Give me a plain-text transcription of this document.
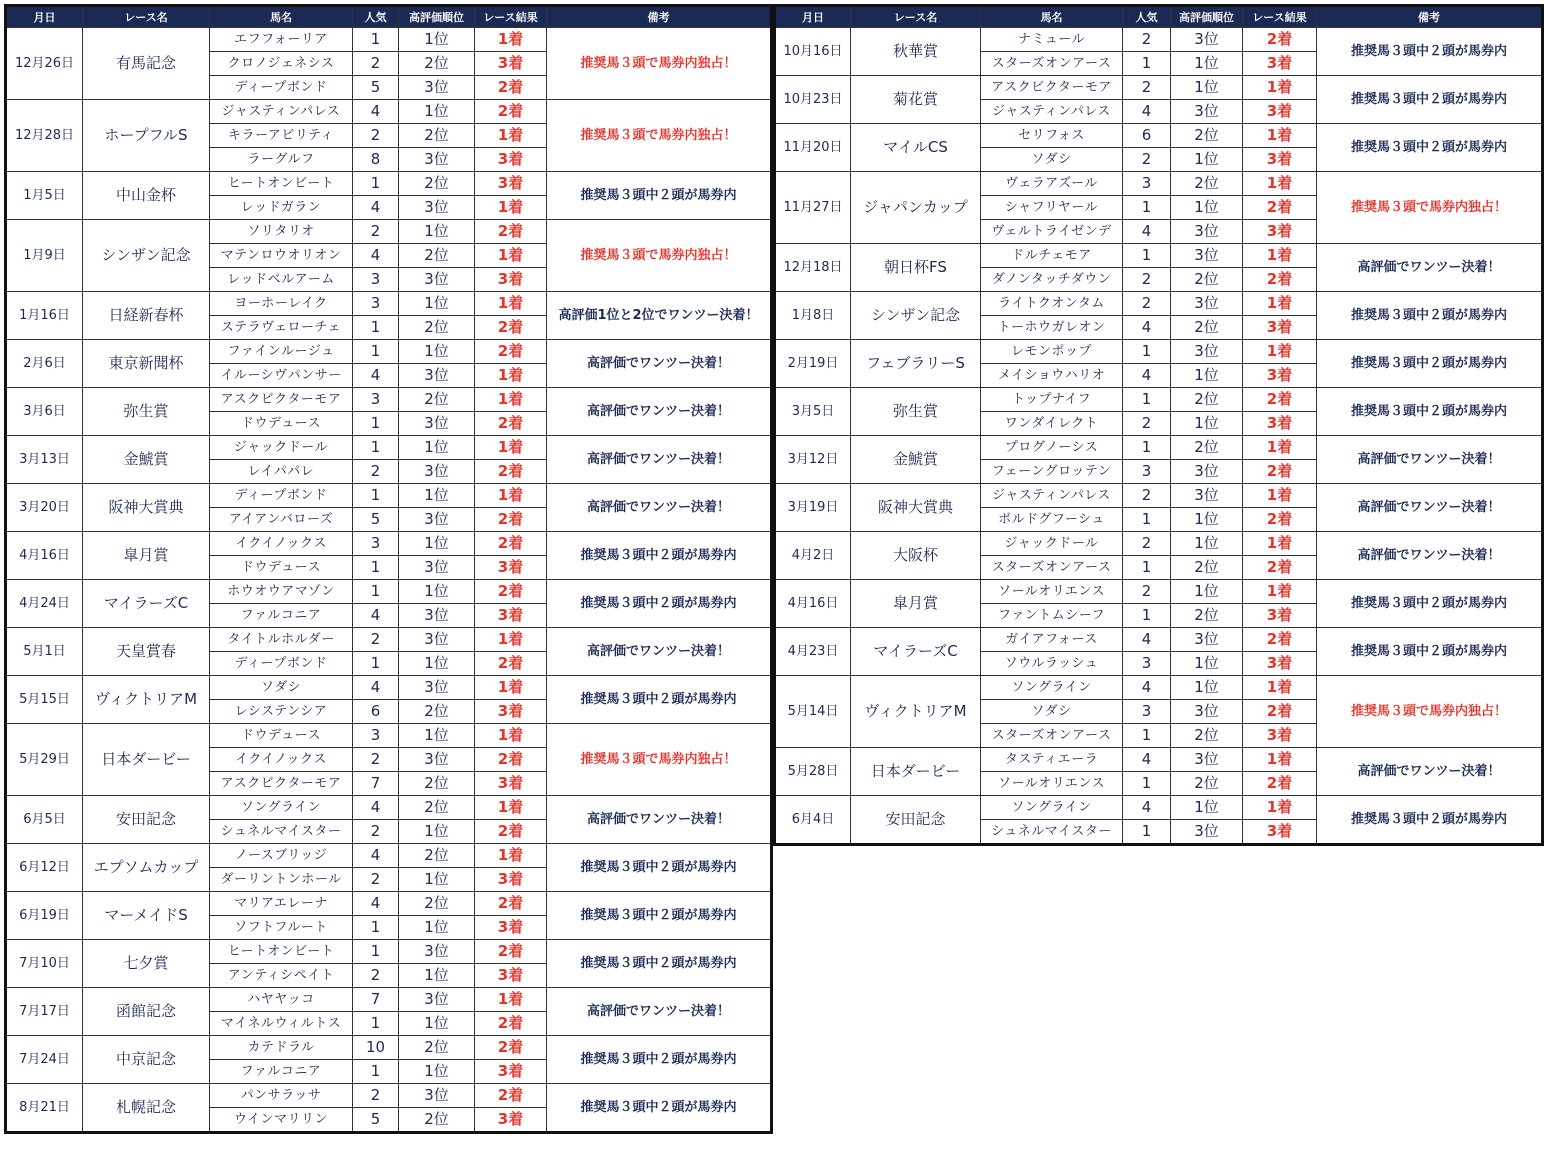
月日	レース名	馬名	人気	高評価順位	レース結果	備考
12月26日	有馬記念	エフフォーリア	1	1位	1着	推奨馬３頭で馬券内独占！
		クロノジェネシス	2	2位	3着	
		ディープボンド	5	3位	2着	
12月28日	ホープフルS	ジャスティンパレス	4	1位	2着	推奨馬３頭で馬券内独占！
		キラーアビリティ	2	2位	1着	
		ラーグルフ	8	3位	3着	
1月5日	中山金杯	ヒートオンビート	1	2位	3着	推奨馬３頭中２頭が馬券内
		レッドガラン	4	3位	1着	
1月9日	シンザン記念	ソリタリオ	2	1位	2着	推奨馬３頭で馬券内独占！
		マテンロウオリオン	4	2位	1着	
		レッドベルアーム	3	3位	3着	
1月16日	日経新春杯	ヨーホーレイク	3	1位	1着	高評価1位と2位でワンツー決着！
		ステラヴェローチェ	1	2位	2着	
2月6日	東京新聞杯	ファインルージュ	1	1位	2着	高評価でワンツー決着！
		イルーシヴパンサー	4	3位	1着	
3月6日	弥生賞	アスクビクターモア	3	2位	1着	高評価でワンツー決着！
		ドウデュース	1	3位	2着	
3月13日	金鯱賞	ジャックドール	1	1位	1着	高評価でワンツー決着！
		レイパパレ	2	3位	2着	
3月20日	阪神大賞典	ディープボンド	1	1位	1着	高評価でワンツー決着！
		アイアンバローズ	5	3位	2着	
4月16日	皐月賞	イクイノックス	3	1位	2着	推奨馬３頭中２頭が馬券内
		ドウデュース	1	3位	3着	
4月24日	マイラーズC	ホウオウアマゾン	1	1位	2着	推奨馬３頭中２頭が馬券内
		ファルコニア	4	3位	3着	
5月1日	天皇賞春	タイトルホルダー	2	3位	1着	高評価でワンツー決着！
		ディープボンド	1	1位	2着	
5月15日	ヴィクトリアM	ソダシ	4	3位	1着	推奨馬３頭中２頭が馬券内
		レシステンシア	6	2位	3着	
5月29日	日本ダービー	ドウデュース	3	1位	1着	推奨馬３頭で馬券内独占！
		イクイノックス	2	3位	2着	
		アスクビクターモア	7	2位	3着	
6月5日	安田記念	ソングライン	4	2位	1着	高評価でワンツー決着！
		シュネルマイスター	2	1位	2着	
6月12日	エプソムカップ	ノースブリッジ	4	2位	1着	推奨馬３頭中２頭が馬券内
		ダーリントンホール	2	1位	3着	
6月19日	マーメイドS	マリアエレーナ	4	2位	2着	推奨馬３頭中２頭が馬券内
		ソフトフルート	1	1位	3着	
7月10日	七夕賞	ヒートオンビート	1	3位	2着	推奨馬３頭中２頭が馬券内
		アンティシペイト	2	1位	3着	
7月17日	函館記念	ハヤヤッコ	7	3位	1着	高評価でワンツー決着！
		マイネルウィルトス	1	1位	2着	
7月24日	中京記念	カテドラル	10	2位	2着	推奨馬３頭中２頭が馬券内
		ファルコニア	1	1位	3着	
8月21日	札幌記念	パンサラッサ	2	3位	2着	推奨馬３頭中２頭が馬券内
		ウインマリリン	5	2位	3着	
月日	レース名	馬名	人気	高評価順位	レース結果	備考
10月16日	秋華賞	ナミュール	2	3位	2着	推奨馬３頭中２頭が馬券内
		スターズオンアース	1	1位	3着	
10月23日	菊花賞	アスクビクターモア	2	1位	1着	推奨馬３頭中２頭が馬券内
		ジャスティンパレス	4	3位	3着	
11月20日	マイルCS	セリフォス	6	2位	1着	推奨馬３頭中２頭が馬券内
		ソダシ	2	1位	3着	
11月27日	ジャパンカップ	ヴェラアズール	3	2位	1着	推奨馬３頭で馬券内独占！
		シャフリヤール	1	1位	2着	
		ヴェルトライゼンデ	4	3位	3着	
12月18日	朝日杯FS	ドルチェモア	1	3位	1着	高評価でワンツー決着！
		ダノンタッチダウン	2	2位	2着	
1月8日	シンザン記念	ライトクオンタム	2	3位	1着	推奨馬３頭中２頭が馬券内
		トーホウガレオン	4	2位	3着	
2月19日	フェブラリーS	レモンポップ	1	3位	1着	推奨馬３頭中２頭が馬券内
		メイショウハリオ	4	1位	3着	
3月5日	弥生賞	トップナイフ	1	2位	2着	推奨馬３頭中２頭が馬券内
		ワンダイレクト	2	1位	3着	
3月12日	金鯱賞	プログノーシス	1	2位	1着	高評価でワンツー決着！
		フェーングロッテン	3	3位	2着	
3月19日	阪神大賞典	ジャスティンパレス	2	3位	1着	高評価でワンツー決着！
		ボルドグフーシュ	1	1位	2着	
4月2日	大阪杯	ジャックドール	2	1位	1着	高評価でワンツー決着！
		スターズオンアース	1	2位	2着	
4月16日	皐月賞	ソールオリエンス	2	1位	1着	推奨馬３頭中２頭が馬券内
		ファントムシーフ	1	2位	3着	
4月23日	マイラーズC	ガイアフォース	4	3位	2着	推奨馬３頭中２頭が馬券内
		ソウルラッシュ	3	1位	3着	
5月14日	ヴィクトリアM	ソングライン	4	1位	1着	推奨馬３頭で馬券内独占！
		ソダシ	3	3位	2着	
		スターズオンアース	1	2位	3着	
5月28日	日本ダービー	タスティエーラ	4	3位	1着	高評価でワンツー決着！
		ソールオリエンス	1	2位	2着	
6月4日	安田記念	ソングライン	4	1位	1着	推奨馬３頭中２頭が馬券内
		シュネルマイスター	1	3位	3着	
